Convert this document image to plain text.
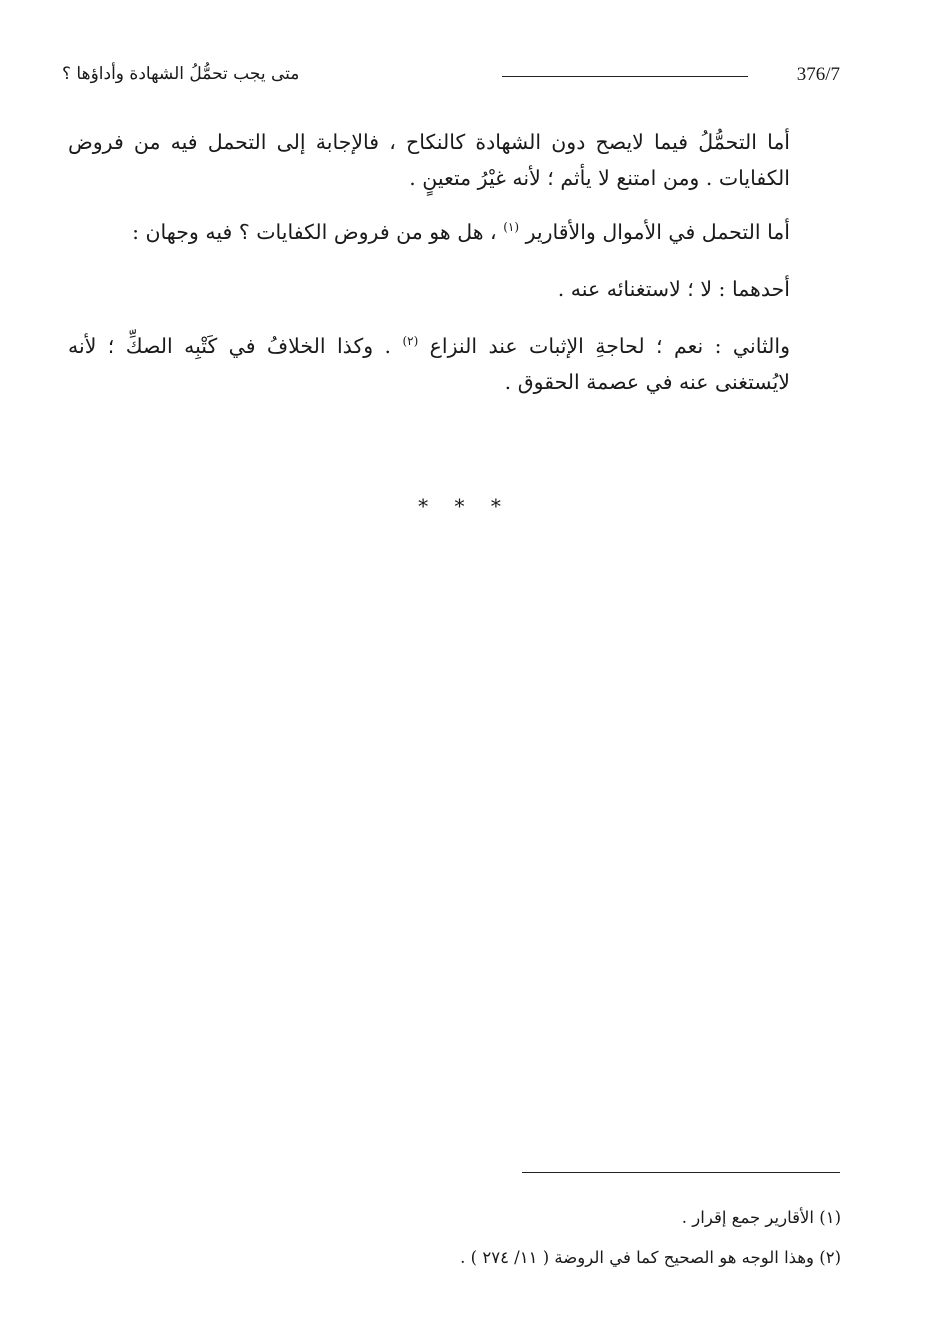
376/7
متى يجب تحمُّلُ الشهادة وأداؤها ؟

أما التحمُّلُ فيما لايصح دون الشهادة كالنكاح ، فالإجابة إلى التحمل فيه من فروض الكفايات . ومن امتنع لا يأثم ؛ لأنه غيْرُ متعينٍ .

أما التحمل في الأموال والأقارير $^{(١)}$ ، هل هو من فروض الكفايات ؟ فيه وجهان :

أحدهما : لا ؛ لاستغنائه عنه .

والثاني : نعم ؛ لحاجةِ الإثبات عند النزاع $^{(٢)}$ . وكذا الخلافُ في كَتْبِه الصكِّ ؛ لأنه لايُستغنى عنه في عصمة الحقوق .

* * *
(١) الأقارير جمع إقرار .
(٢) وهذا الوجه هو الصحيح كما في الروضة ( ١١/ ٢٧٤ ) .
